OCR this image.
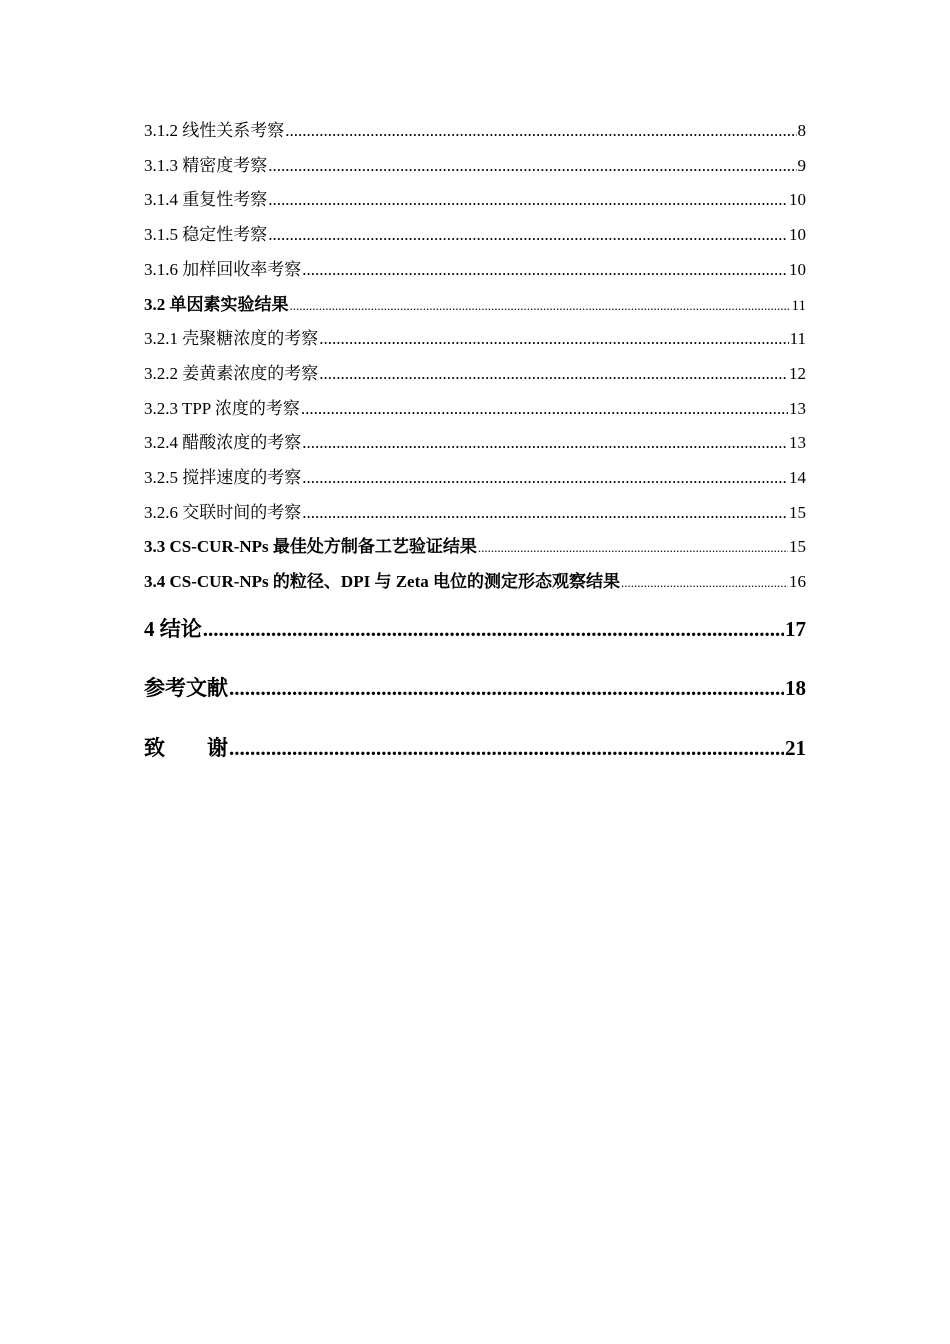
3.1.2 线性关系考察 .....	8
3.1.3 精密度考察 .....	9
3.1.4 重复性考察 .....	10
3.1.5 稳定性考察 .....	10
3.1.6 加样回收率考察 .....	10
3.2 单因素实验结果 .....	11
3.2.1 壳聚糖浓度的考察 .....	11
3.2.2 姜黄素浓度的考察 .....	12
3.2.3 TPP 浓度的考察 .....	13
3.2.4 醋酸浓度的考察 .....	13
3.2.5 搅拌速度的考察 .....	14
3.2.6 交联时间的考察 .....	15
3.3 CS-CUR-NPs 最佳处方制备工艺验证结果 .....	15
3.4 CS-CUR-NPs 的粒径、DPI 与 Zeta 电位的测定形态观察结果 .....	16
4 结论 .....	17
参考文献 .....	18
致　　谢 .....	21
